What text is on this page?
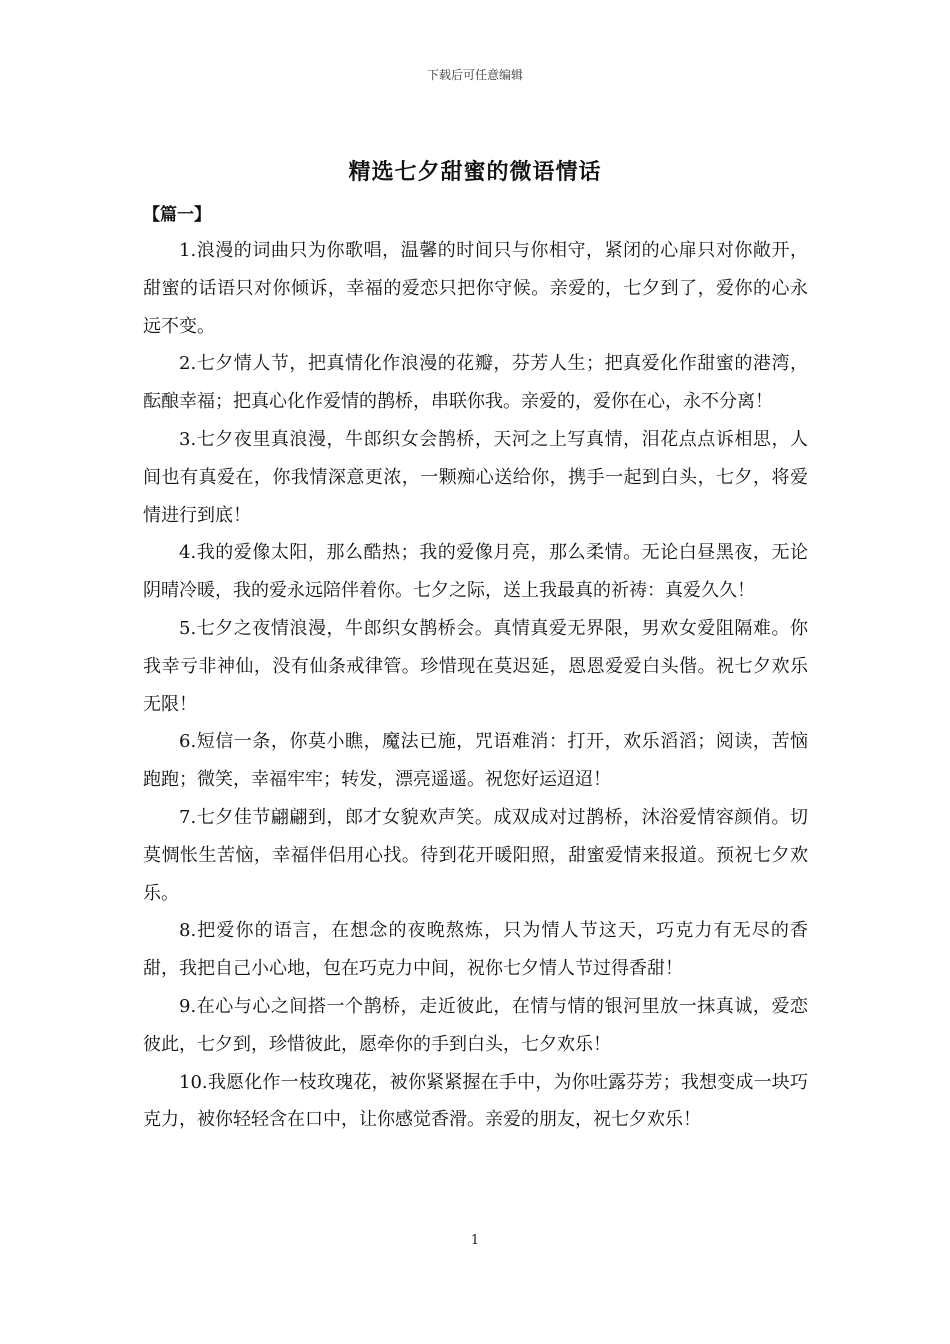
下载后可任意编辑
精选七夕甜蜜的微语情话
【篇一】

1.浪漫的词曲只为你歌唱，温馨的时间只与你相守，紧闭的心扉只对你敞开，甜蜜的话语只对你倾诉，幸福的爱恋只把你守候。亲爱的，七夕到了，爱你的心永远不变。

2.七夕情人节，把真情化作浪漫的花瓣，芬芳人生；把真爱化作甜蜜的港湾，酝酿幸福；把真心化作爱情的鹊桥，串联你我。亲爱的，爱你在心，永不分离！

3.七夕夜里真浪漫，牛郎织女会鹊桥，天河之上写真情，泪花点点诉相思，人间也有真爱在，你我情深意更浓，一颗痴心送给你，携手一起到白头，七夕，将爱情进行到底！

4.我的爱像太阳，那么酷热；我的爱像月亮，那么柔情。无论白昼黑夜，无论阴晴冷暖，我的爱永远陪伴着你。七夕之际，送上我最真的祈祷：真爱久久！

5.七夕之夜情浪漫，牛郎织女鹊桥会。真情真爱无界限，男欢女爱阻隔难。你我幸亏非神仙，没有仙条戒律管。珍惜现在莫迟延，恩恩爱爱白头偕。祝七夕欢乐无限！

6.短信一条，你莫小瞧，魔法已施，咒语难消：打开，欢乐滔滔；阅读，苦恼跑跑；微笑，幸福牢牢；转发，漂亮遥遥。祝您好运迢迢！

7.七夕佳节翩翩到，郎才女貌欢声笑。成双成对过鹊桥，沐浴爱情容颜俏。切莫惆怅生苦恼，幸福伴侣用心找。待到花开暖阳照，甜蜜爱情来报道。预祝七夕欢乐。

8.把爱你的语言，在想念的夜晚熬炼，只为情人节这天，巧克力有无尽的香甜，我把自己小心地，包在巧克力中间，祝你七夕情人节过得香甜！

9.在心与心之间搭一个鹊桥，走近彼此，在情与情的银河里放一抹真诚，爱恋彼此，七夕到，珍惜彼此，愿牵你的手到白头，七夕欢乐！

10.我愿化作一枝玫瑰花，被你紧紧握在手中，为你吐露芬芳；我想变成一块巧克力，被你轻轻含在口中，让你感觉香滑。亲爱的朋友，祝七夕欢乐！

1
